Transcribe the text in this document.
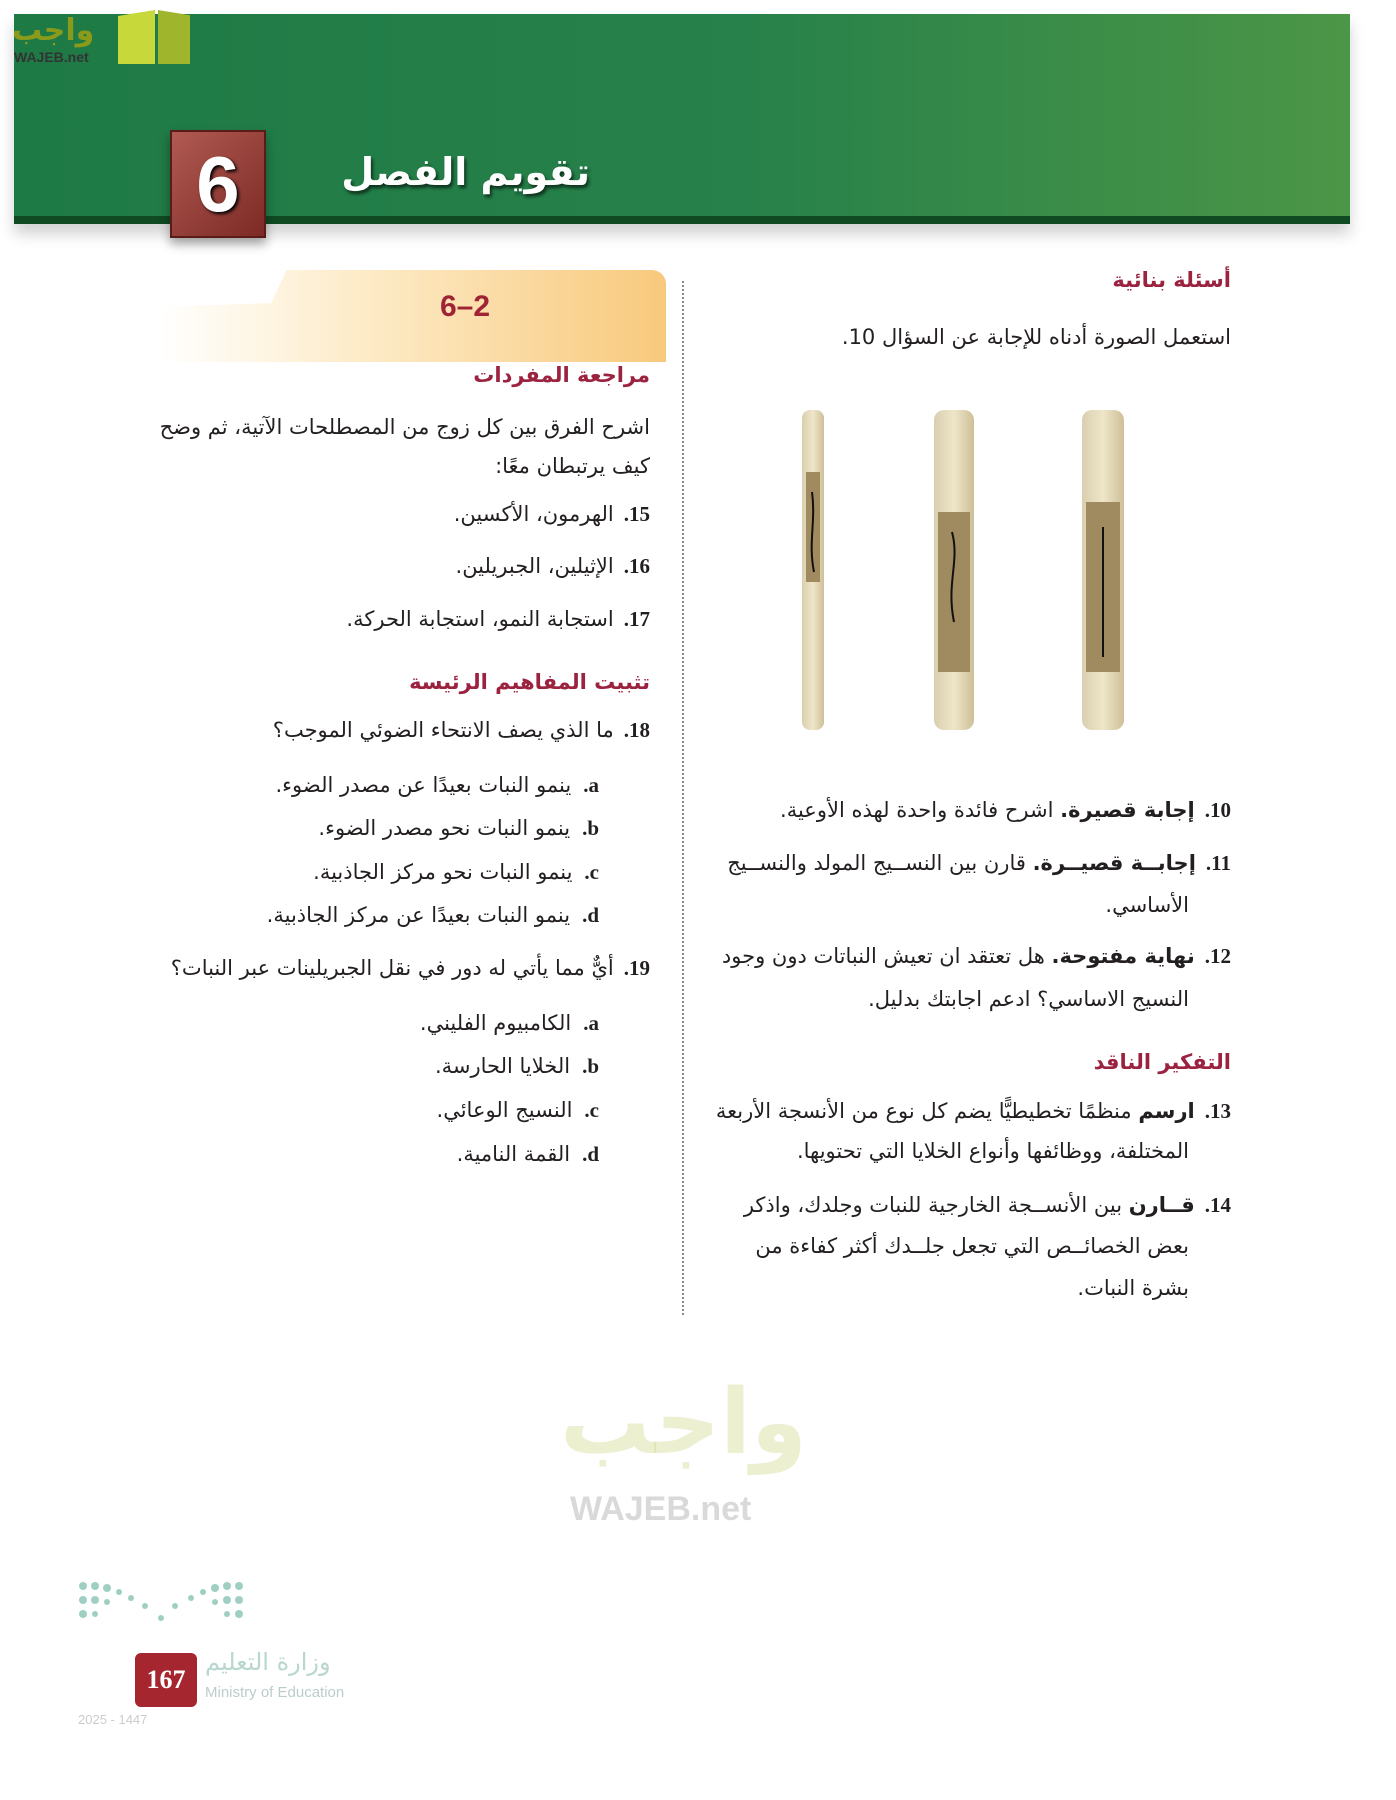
واجب
WAJEB.net
6	تقويم الفصل
أسئلة بنائية
استعمل الصورة أدناه للإجابة عن السؤال 10.
10.إجابة قصيرة. اشرح فائدة واحدة لهذه الأوعية.
11.إجابــة قصيــرة. قارن بين النســيج المولد والنســيج
الأساسي.
12.نهاية مفتوحة. هل تعتقد ان تعيش النباتات دون وجود
النسيج الاساسي؟ ادعم اجابتك بدليل.
التفكير الناقد
13.ارسم منظمًا تخطيطيًّا يضم كل نوع من الأنسجة الأربعة
المختلفة، ووظائفها وأنواع الخلايا التي تحتويها.
14.قــارن بين الأنســجة الخارجية للنبات وجلدك، واذكر
بعض الخصائــص التي تجعل جلــدك أكثر كفاءة من
بشرة النبات.
6–2
مراجعة المفردات
اشرح الفرق بين كل زوج من المصطلحات الآتية، ثم وضح
كيف يرتبطان معًا:
15.الهرمون، الأكسين.
16.الإثيلين، الجبريلين.
17.استجابة النمو، استجابة الحركة.
تثبيت المفاهيم الرئيسة
18.ما الذي يصف الانتحاء الضوئي الموجب؟
a.ينمو النبات بعيدًا عن مصدر الضوء.
b.ينمو النبات نحو مصدر الضوء.
c.ينمو النبات نحو مركز الجاذبية.
d.ينمو النبات بعيدًا عن مركز الجاذبية.
19.أيٌّ مما يأتي له دور في نقل الجبريلينات عبر النبات؟
a.الكامبيوم الفليني.
b.الخلايا الحارسة.
c.النسيج الوعائي.
d.القمة النامية.
واجب
WAJEB.net
167
وزارة التعليم
Ministry of Education
2025 - 1447
